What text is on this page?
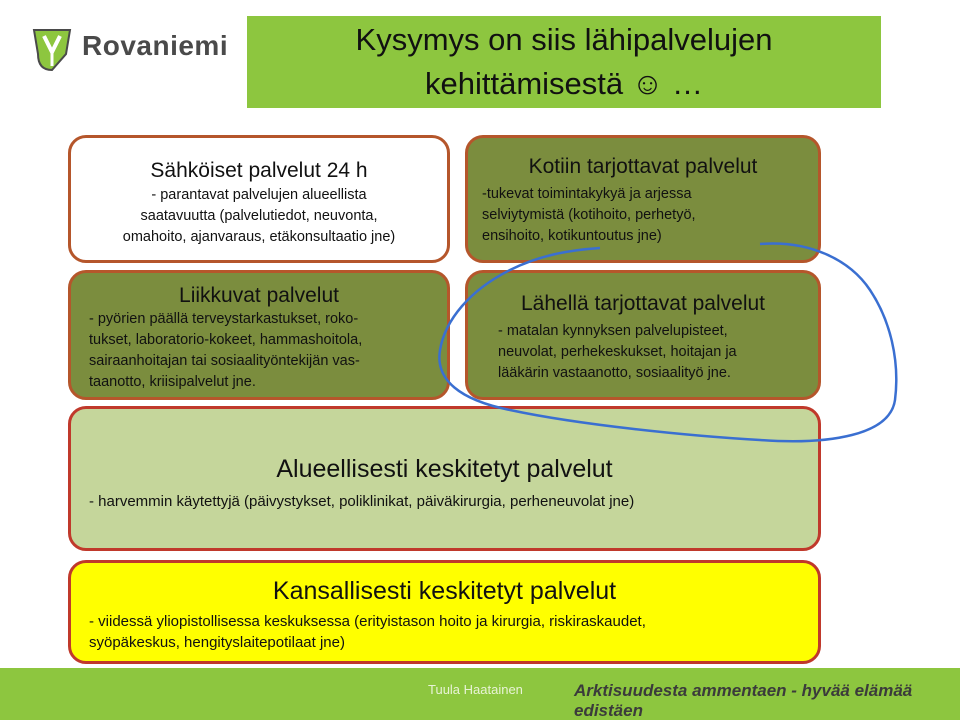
Rovaniemi	Kysymys on siis lähipalvelujen
kehittämisestä ☺ …
Sähköiset palvelut 24 h
- parantavat palvelujen alueellista
saatavuutta (palvelutiedot, neuvonta,
omahoito, ajanvaraus, etäkonsultaatio jne)
Liikkuvat palvelut
- pyörien päällä terveystarkastukset, roko-
tukset, laboratorio-kokeet, hammashoitola,
sairaanhoitajan tai sosiaalityöntekijän vas-
taanotto, kriisipalvelut jne.
Kotiin tarjottavat palvelut
-tukevat toimintakykyä ja arjessa
selviytymistä (kotihoito, perhetyö,
ensihoito, kotikuntoutus jne)
Lähellä tarjottavat palvelut
- matalan kynnyksen palvelupisteet,
neuvolat, perhekeskukset, hoitajan ja
lääkärin vastaanotto, sosiaalityö jne.
Alueellisesti keskitetyt palvelut
- harvemmin käytettyjä (päivystykset, poliklinikat, päiväkirurgia, perheneuvolat jne)
Kansallisesti keskitetyt palvelut
- viidessä yliopistollisessa keskuksessa (erityistason hoito ja kirurgia, riskiraskaudet,
syöpäkeskus, hengityslaitepotilaat jne)
Tuula Haatainen	Arktisuudesta ammentaen - hyvää elämää edistäen
